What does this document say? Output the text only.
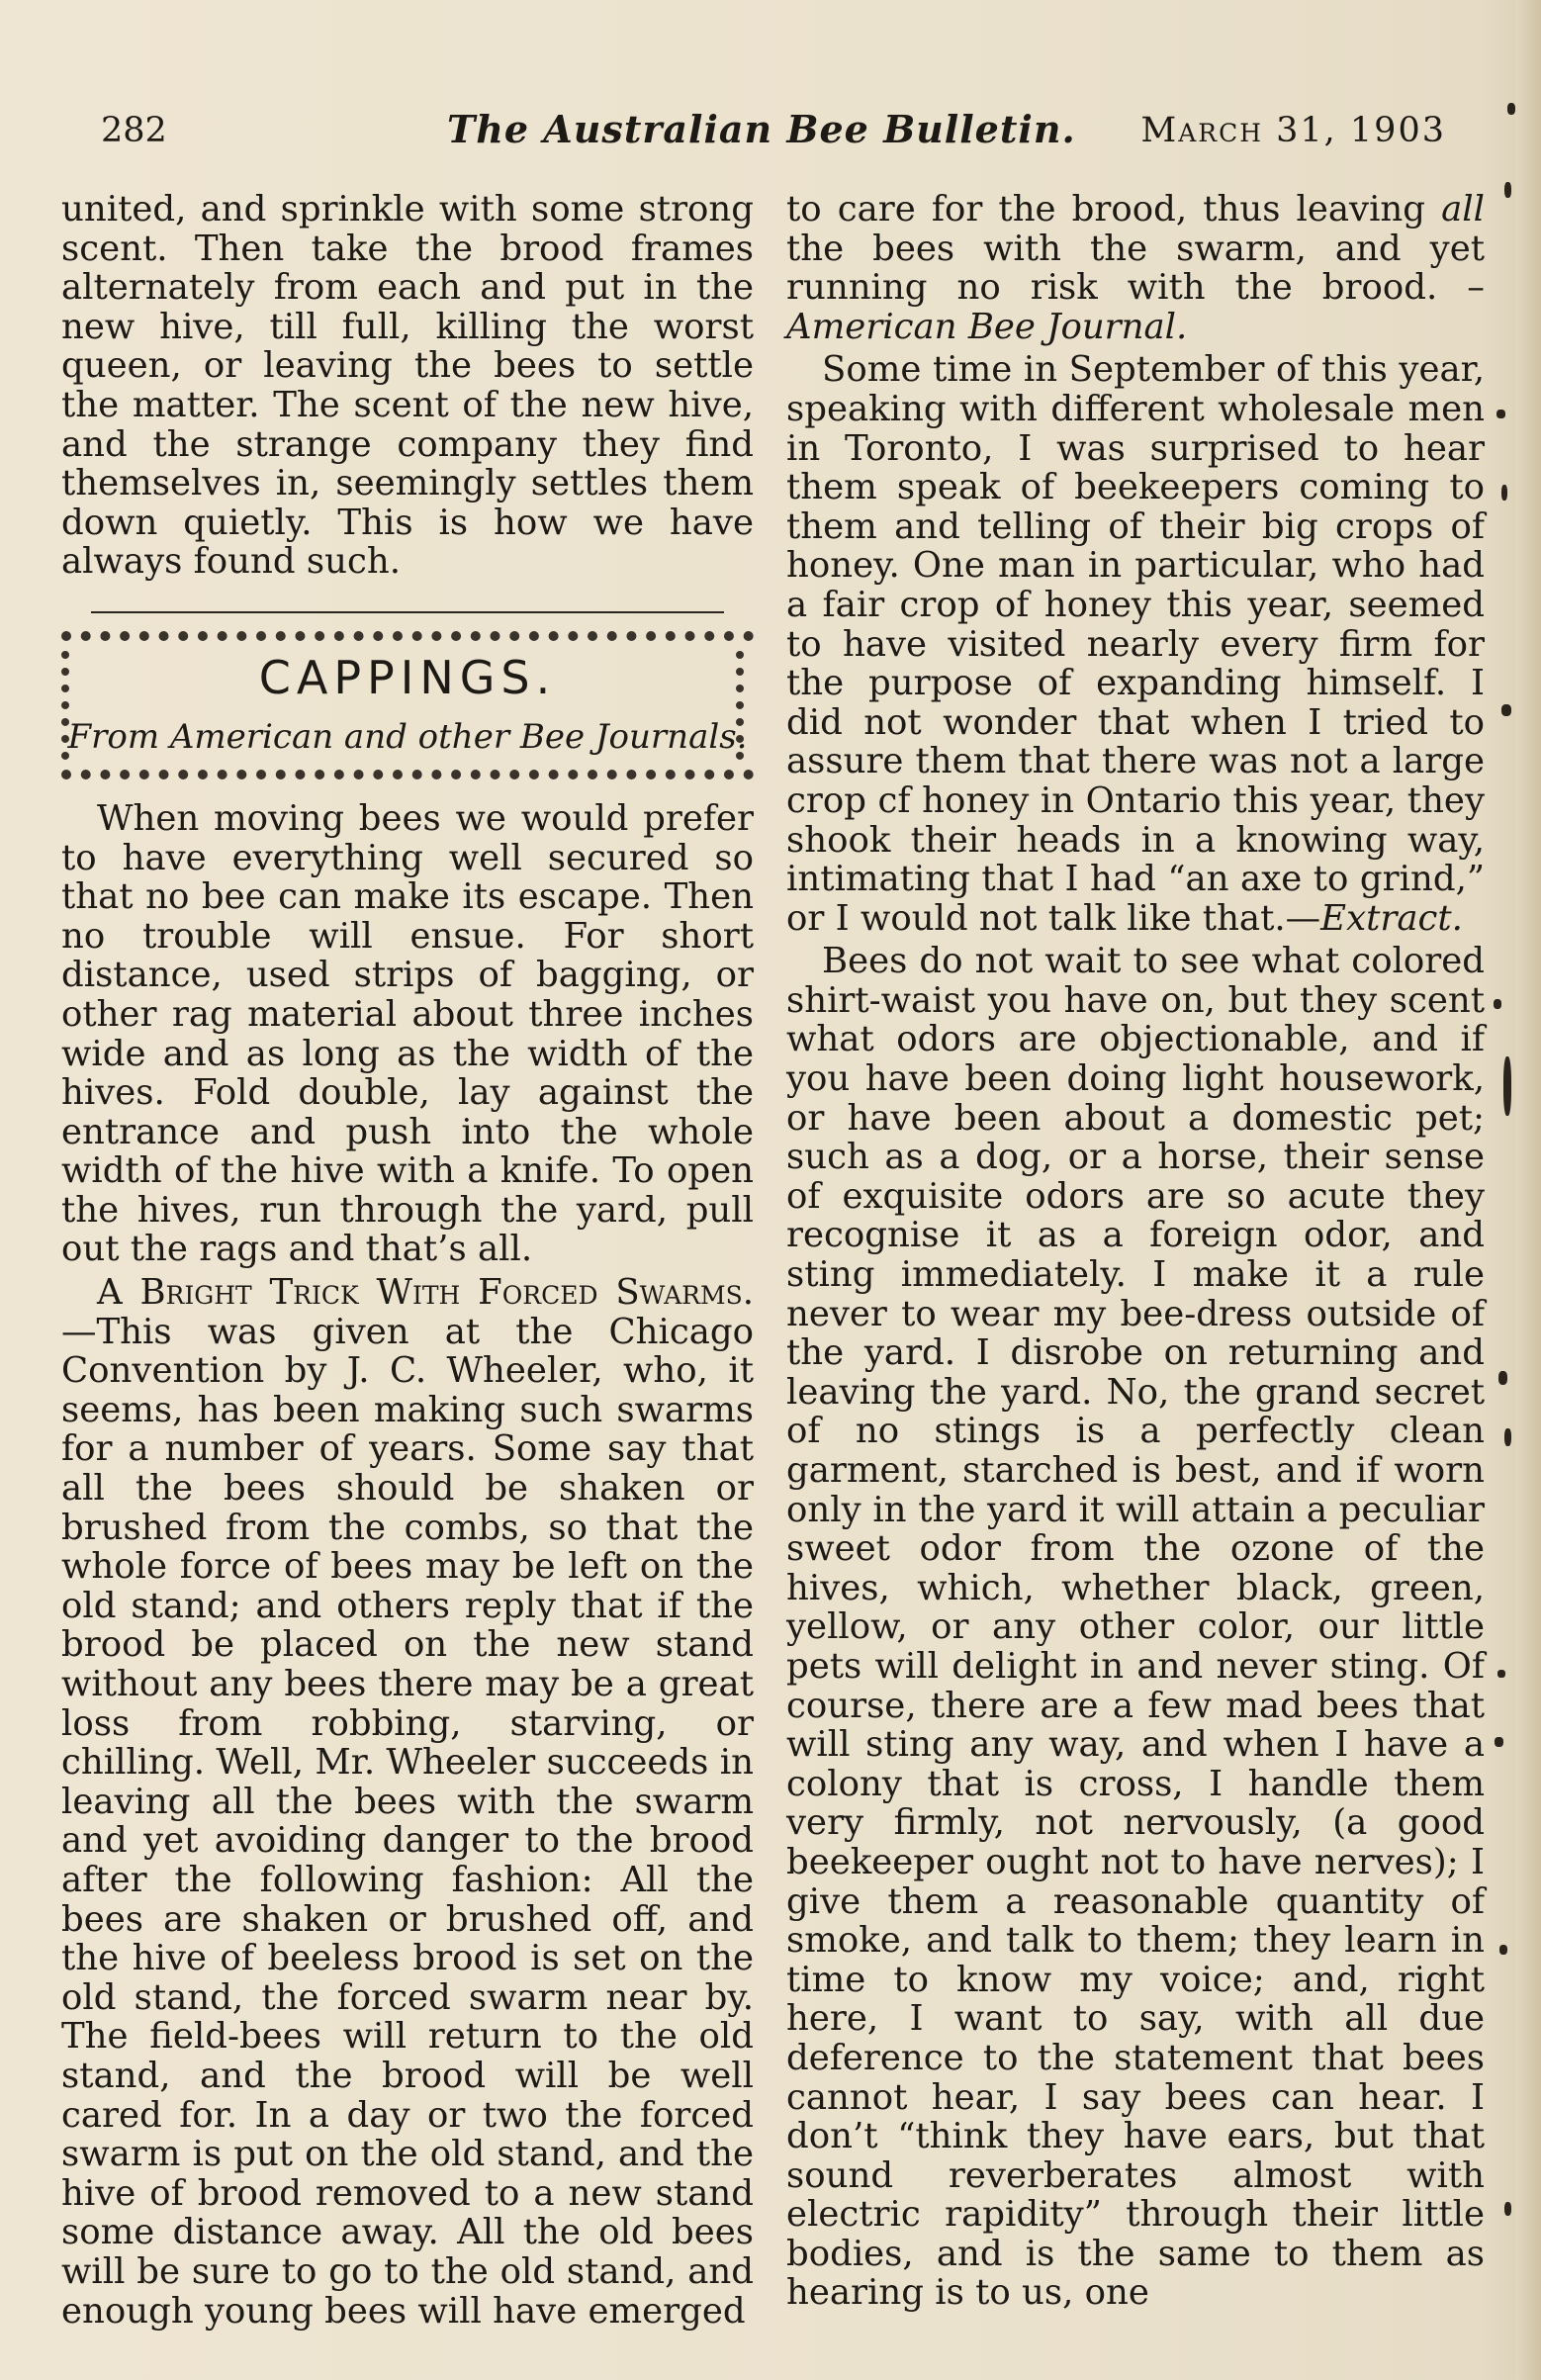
282	The Australian Bee Bulletin. March 31, 1903

united, and sprinkle with some strong scent. Then take the brood frames alternately from each and put in the new hive, till full, killing the worst queen, or leaving the bees to settle the matter. The scent of the new hive, and the strange company they find themselves in, seemingly settles them down quietly. This is how we have always found such.

CAPPINGS.
From American and other Bee Journals.

When moving bees we would prefer to have everything well secured so that no bee can make its escape. Then no trouble will ensue. For short distance, used strips of bagging, or other rag material about three inches wide and as long as the width of the hives. Fold double, lay against the entrance and push into the whole width of the hive with a knife. To open the hives, run through the yard, pull out the rags and that’s all.

A Bright Trick With Forced Swarms. —This was given at the Chicago Convention by J. C. Wheeler, who, it seems, has been making such swarms for a number of years. Some say that all the bees should be shaken or brushed from the combs, so that the whole force of bees may be left on the old stand; and others reply that if the brood be placed on the new stand without any bees there may be a great loss from robbing, starving, or chilling. Well, Mr. Wheeler succeeds in leaving all the bees with the swarm and yet avoiding danger to the brood after the following fashion: All the bees are shaken or brushed off, and the hive of beeless brood is set on the old stand, the forced swarm near by. The field-bees will return to the old stand, and the brood will be well cared for. In a day or two the forced swarm is put on the old stand, and the hive of brood removed to a new stand some distance away. All the old bees will be sure to go to the old stand, and enough young bees will have emerged

to care for the brood, thus leaving all the bees with the swarm, and yet running no risk with the brood. – American Bee Journal.

Some time in September of this year, speaking with different wholesale men in Toronto, I was surprised to hear them speak of beekeepers coming to them and telling of their big crops of honey. One man in particular, who had a fair crop of honey this year, seemed to have visited nearly every firm for the purpose of expanding himself. I did not wonder that when I tried to assure them that there was not a large crop cf honey in Ontario this year, they shook their heads in a knowing way, intimating that I had “an axe to grind,” or I would not talk like that.—Extract.

Bees do not wait to see what colored shirt-waist you have on, but they scent what odors are objectionable, and if you have been doing light housework, or have been about a domestic pet; such as a dog, or a horse, their sense of exquisite odors are so acute they recognise it as a foreign odor, and sting immediately. I make it a rule never to wear my bee-dress outside of the yard. I disrobe on returning and leaving the yard. No, the grand secret of no stings is a perfectly clean garment, starched is best, and if worn only in the yard it will attain a peculiar sweet odor from the ozone of the hives, which, whether black, green, yellow, or any other color, our little pets will delight in and never sting. Of course, there are a few mad bees that will sting any way, and when I have a colony that is cross, I handle them very firmly, not nervously, (a good beekeeper ought not to have nerves); I give them a reasonable quantity of smoke, and talk to them; they learn in time to know my voice; and, right here, I want to say, with all due deference to the statement that bees cannot hear, I say bees can hear. I don’t “think they have ears, but that sound reverberates almost with electric rapidity” through their little bodies, and is the same to them as hearing is to us, one
